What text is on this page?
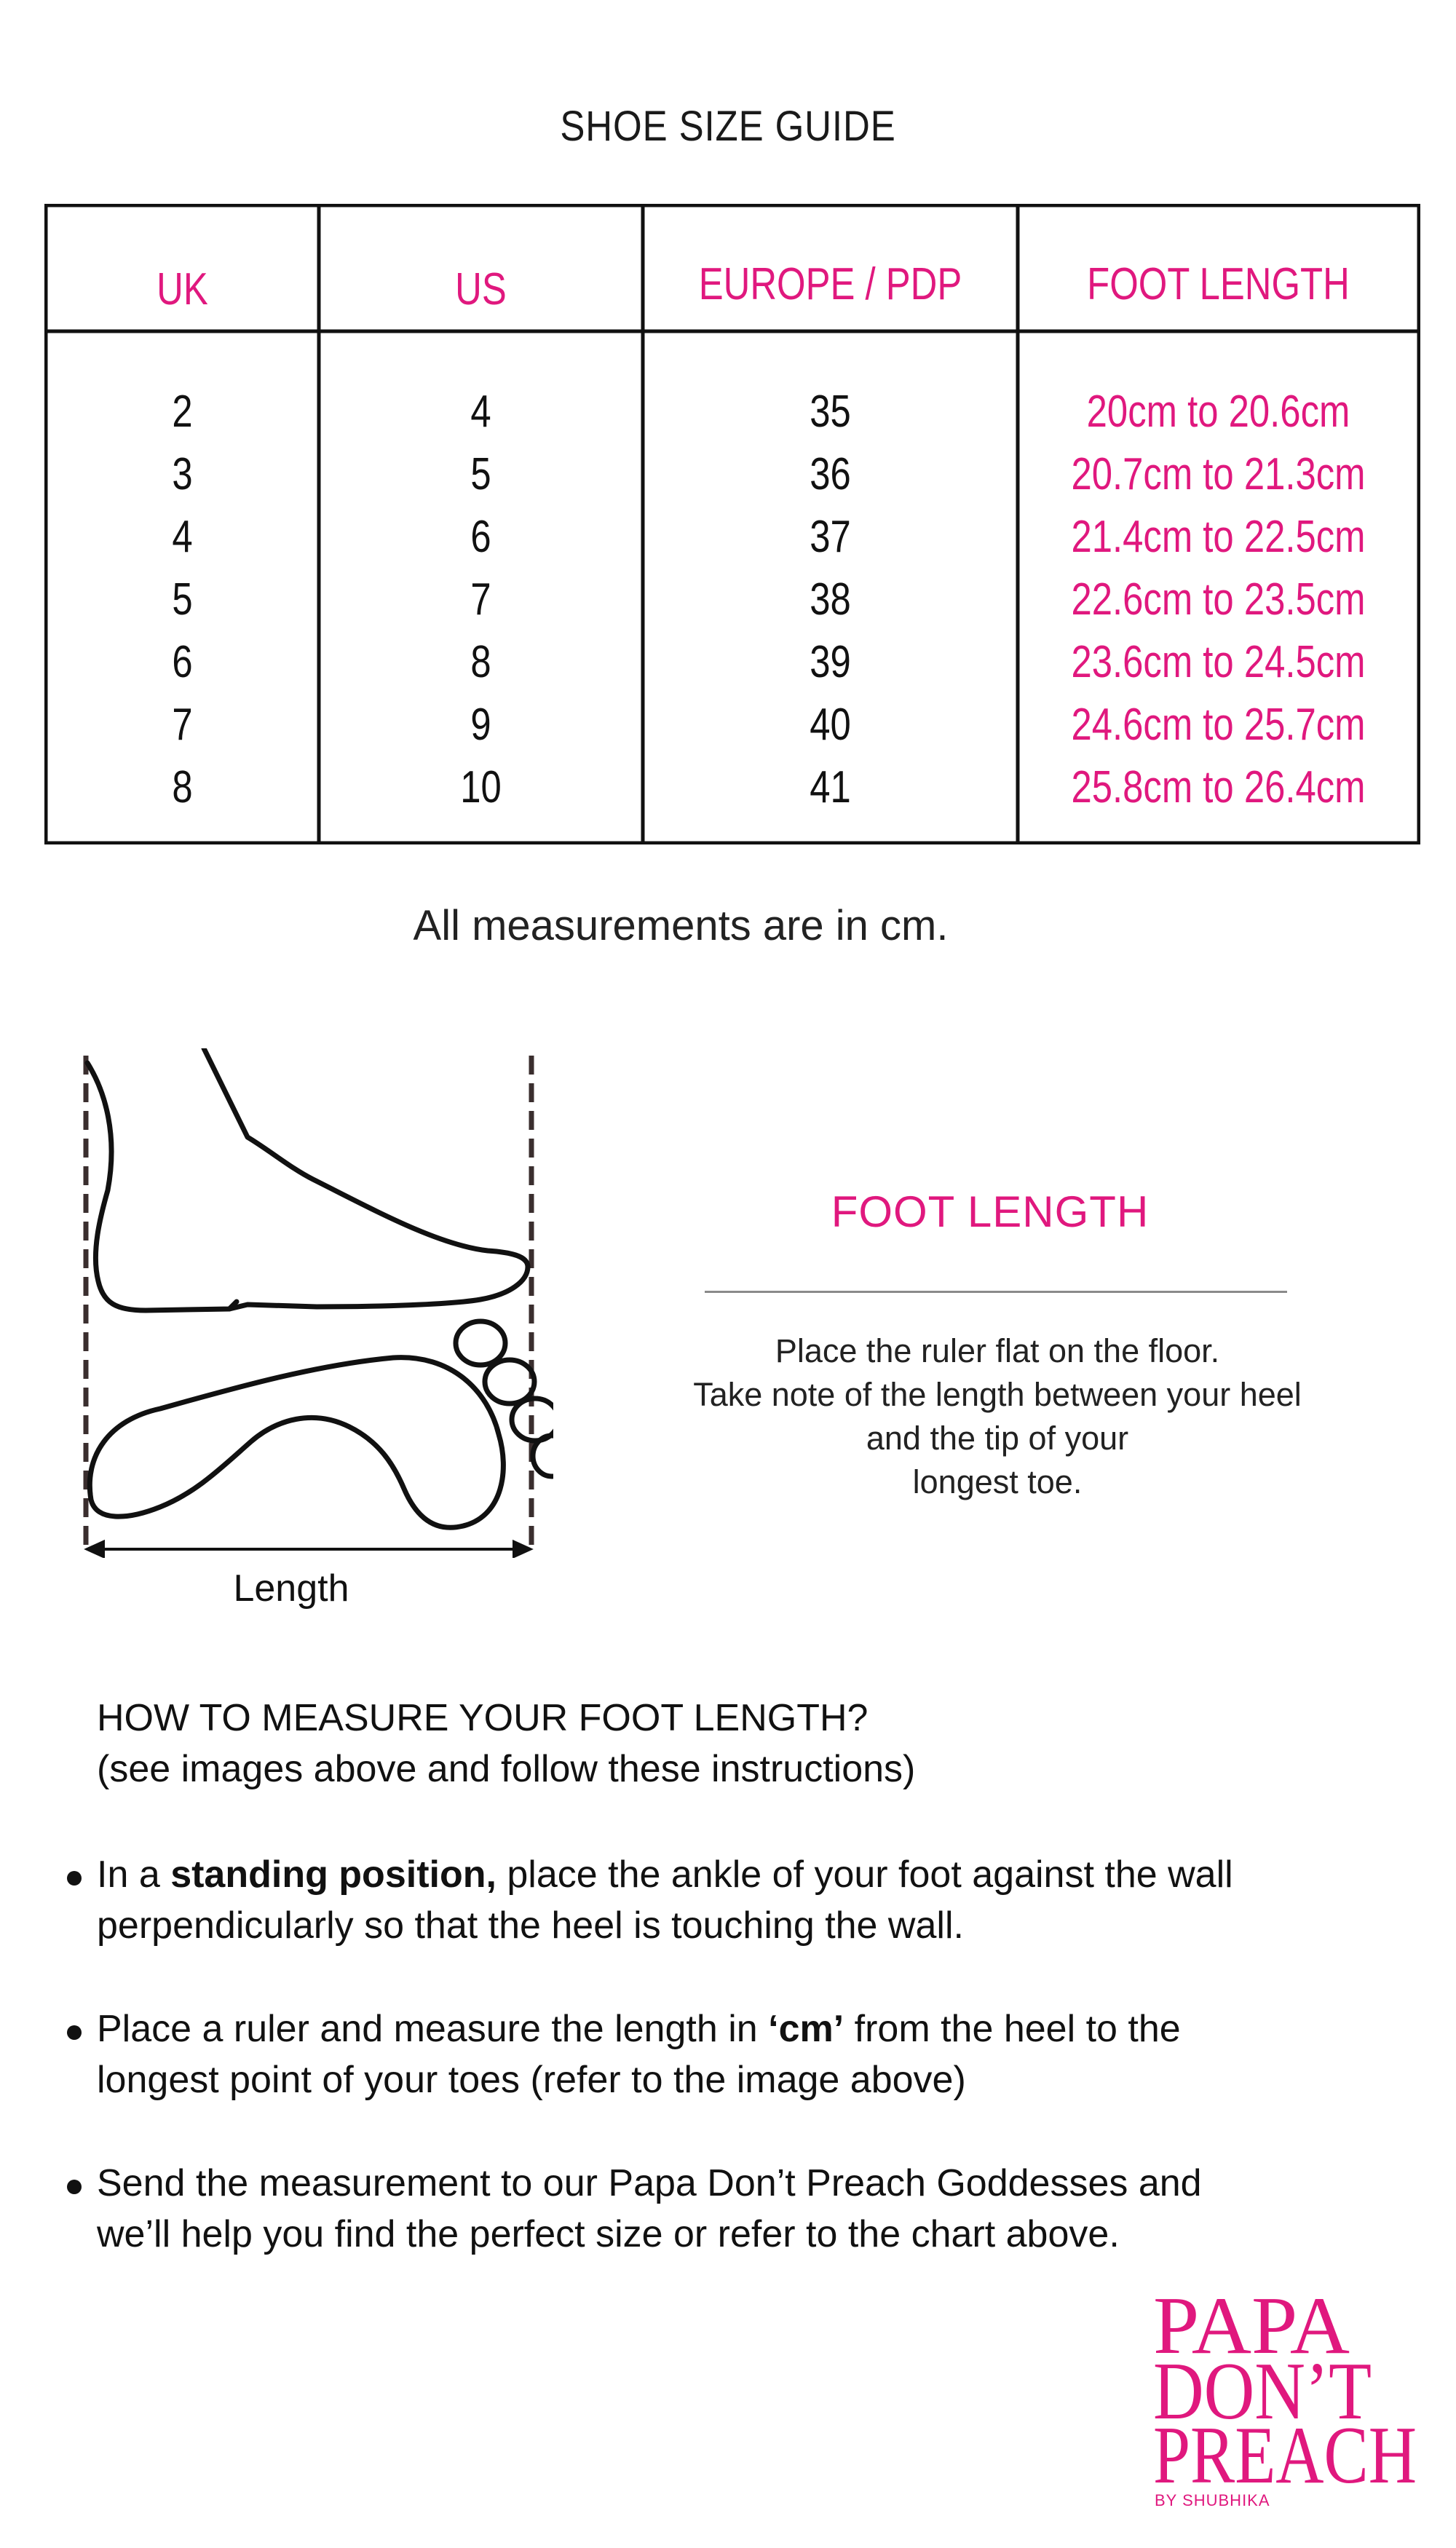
SHOE SIZE GUIDE
UK	US	EUROPE / PDP	FOOT LENGTH
2	4	35	20cm to 20.6cm
3	5	36	20.7cm to 21.3cm
4	6	37	21.4cm to 22.5cm
5	7	38	22.6cm to 23.5cm
6	8	39	23.6cm to 24.5cm
7	9	40	24.6cm to 25.7cm
8	10	41	25.8cm to 26.4cm
All measurements are in cm.
Length
FOOT LENGTH
Place the ruler flat on the floor.
Take note of the length between your heel
and the tip of your
longest toe.
HOW TO MEASURE YOUR FOOT LENGTH?
(see images above and follow these instructions)
In a standing position, place the ankle of your foot against the wall
perpendicularly so that the heel is touching the wall.
Place a ruler and measure the length in ‘cm’ from the heel to the
longest point of your toes (refer to the image above)
Send the measurement to our Papa Don’t Preach Goddesses and
we’ll help you find the perfect size or refer to the chart above.
PAPA
DON’T
PREACH
BY SHUBHIKA
